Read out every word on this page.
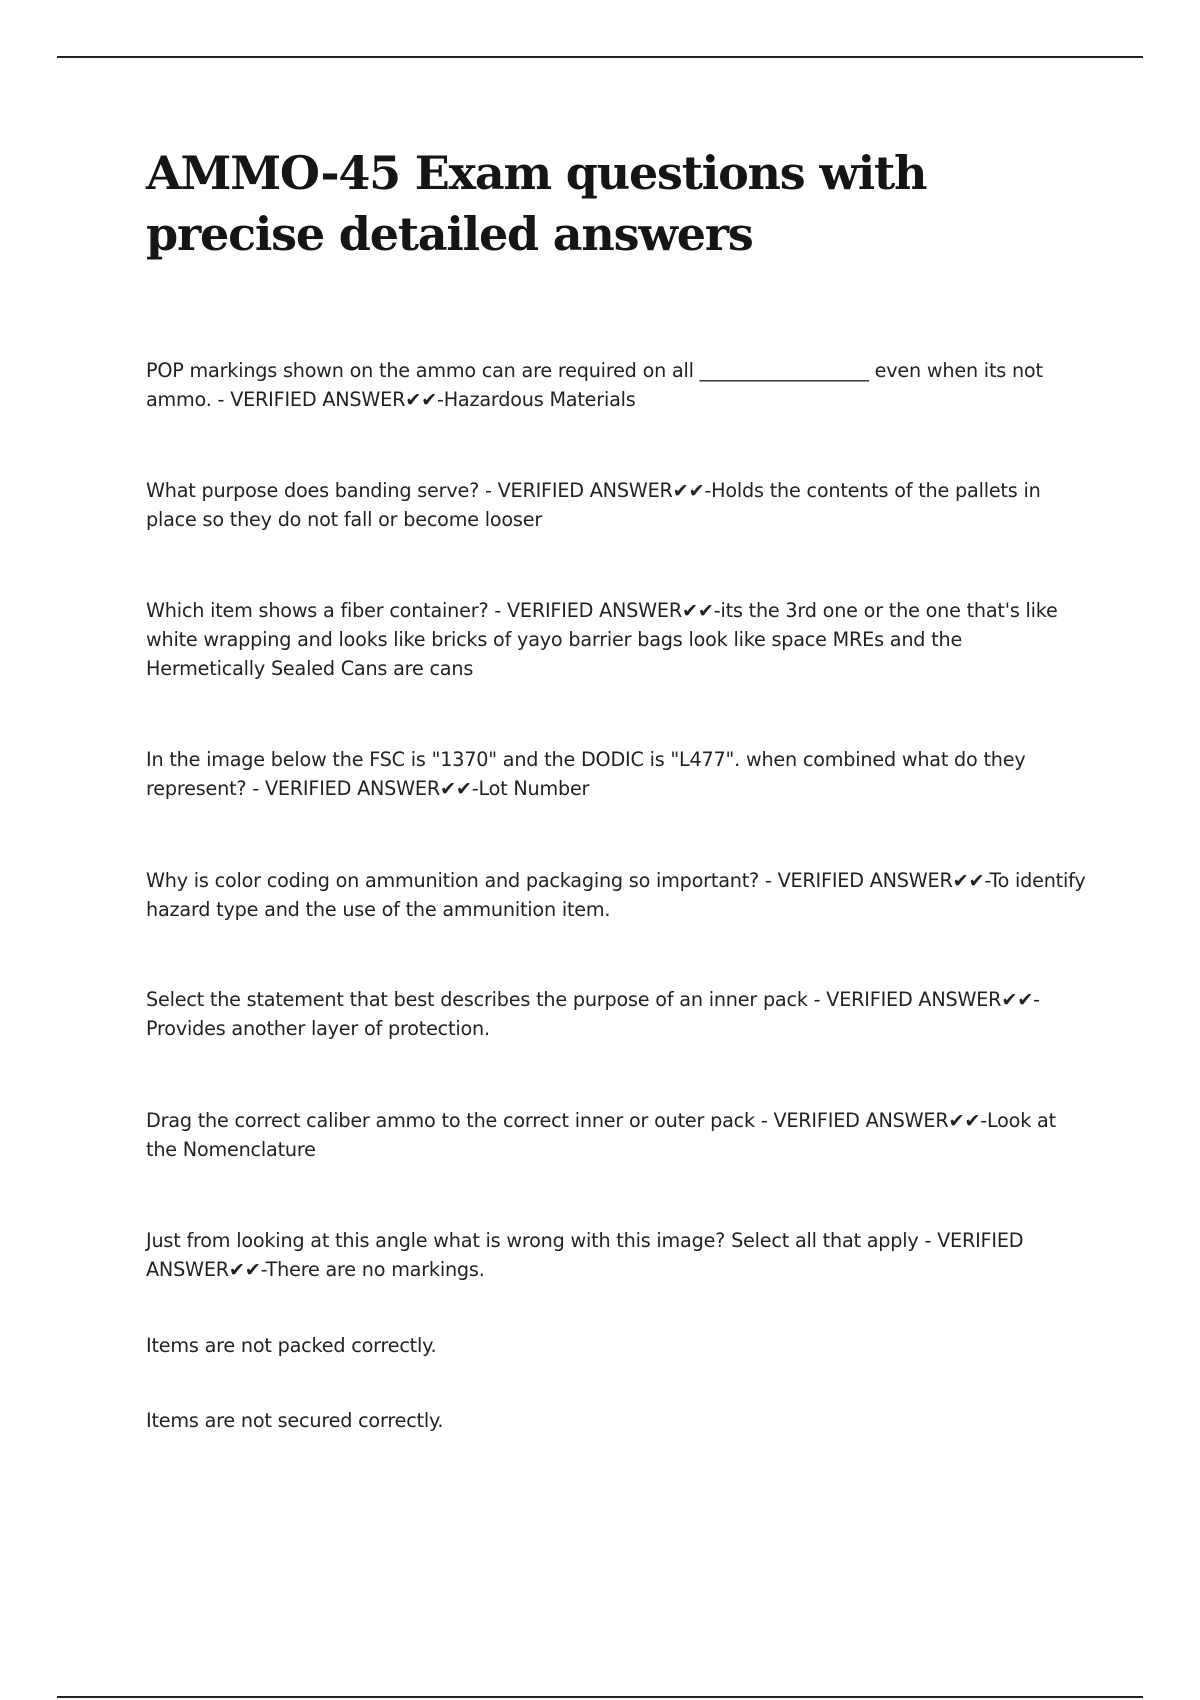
AMMO-45 Exam questions with precise detailed answers

POP markings shown on the ammo can are required on all __________________ even when its not ammo. - VERIFIED ANSWER✔✔-Hazardous Materials

What purpose does banding serve? - VERIFIED ANSWER✔✔-Holds the contents of the pallets in place so they do not fall or become looser

Which item shows a fiber container? - VERIFIED ANSWER✔✔-its the 3rd one or the one that's like white wrapping and looks like bricks of yayo barrier bags look like space MREs and the Hermetically Sealed Cans are cans

In the image below the FSC is "1370" and the DODIC is "L477". when combined what do they represent? - VERIFIED ANSWER✔✔-Lot Number

Why is color coding on ammunition and packaging so important? - VERIFIED ANSWER✔✔-To identify hazard type and the use of the ammunition item.

Select the statement that best describes the purpose of an inner pack - VERIFIED ANSWER✔✔-Provides another layer of protection.

Drag the correct caliber ammo to the correct inner or outer pack - VERIFIED ANSWER✔✔-Look at the Nomenclature

Just from looking at this angle what is wrong with this image? Select all that apply - VERIFIED ANSWER✔✔-There are no markings.

Items are not packed correctly.

Items are not secured correctly.
